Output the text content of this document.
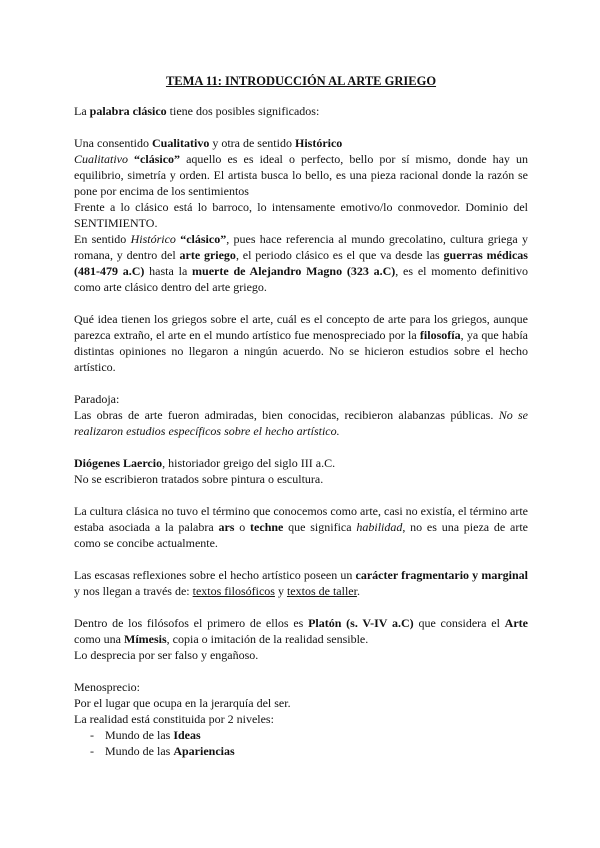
TEMA 11: INTRODUCCIÓN AL ARTE GRIEGO

La palabra clásico tiene dos posibles significados:

Una consentido Cualitativo y otra de sentido Histórico

Cualitativo “clásico” aquello es es ideal o perfecto, bello por sí mismo, donde hay un equilibrio, simetría y orden. El artista busca lo bello, es una pieza racional donde la razón se pone por encima de los sentimientos

Frente a lo clásico está lo barroco, lo intensamente emotivo/lo conmovedor. Dominio del SENTIMIENTO.

En sentido Histórico “clásico”, pues hace referencia al mundo grecolatino, cultura griega y romana, y dentro del arte griego, el periodo clásico es el que va desde las guerras médicas (481-479 a.C) hasta la muerte de Alejandro Magno (323 a.C), es el momento definitivo como arte clásico dentro del arte griego.

Qué idea tienen los griegos sobre el arte, cuál es el concepto de arte para los griegos, aunque parezca extraño, el arte en el mundo artístico fue menospreciado por la filosofía, ya que había distintas opiniones no llegaron a ningún acuerdo. No se hicieron estudios sobre el hecho artístico.

Paradoja:

Las obras de arte fueron admiradas, bien conocidas, recibieron alabanzas públicas. No se realizaron estudios específicos sobre el hecho artístico.

Diógenes Laercio, historiador greigo del siglo III a.C.

No se escribieron tratados sobre pintura o escultura.

La cultura clásica no tuvo el término que conocemos como arte, casi no existía, el término arte estaba asociada a la palabra ars o techne que significa habilidad, no es una pieza de arte como se concibe actualmente.

Las escasas reflexiones sobre el hecho artístico poseen un carácter fragmentario y marginal y nos llegan a través de: textos filosóficos y textos de taller.

Dentro de los filósofos el primero de ellos es Platón (s. V-IV a.C) que considera el Arte como una Mímesis, copia o imitación de la realidad sensible.

Lo desprecia por ser falso y engañoso.

Menosprecio:

Por el lugar que ocupa en la jerarquía del ser.

La realidad está constituida por 2 niveles:

- Mundo de las Ideas
- Mundo de las Apariencias
